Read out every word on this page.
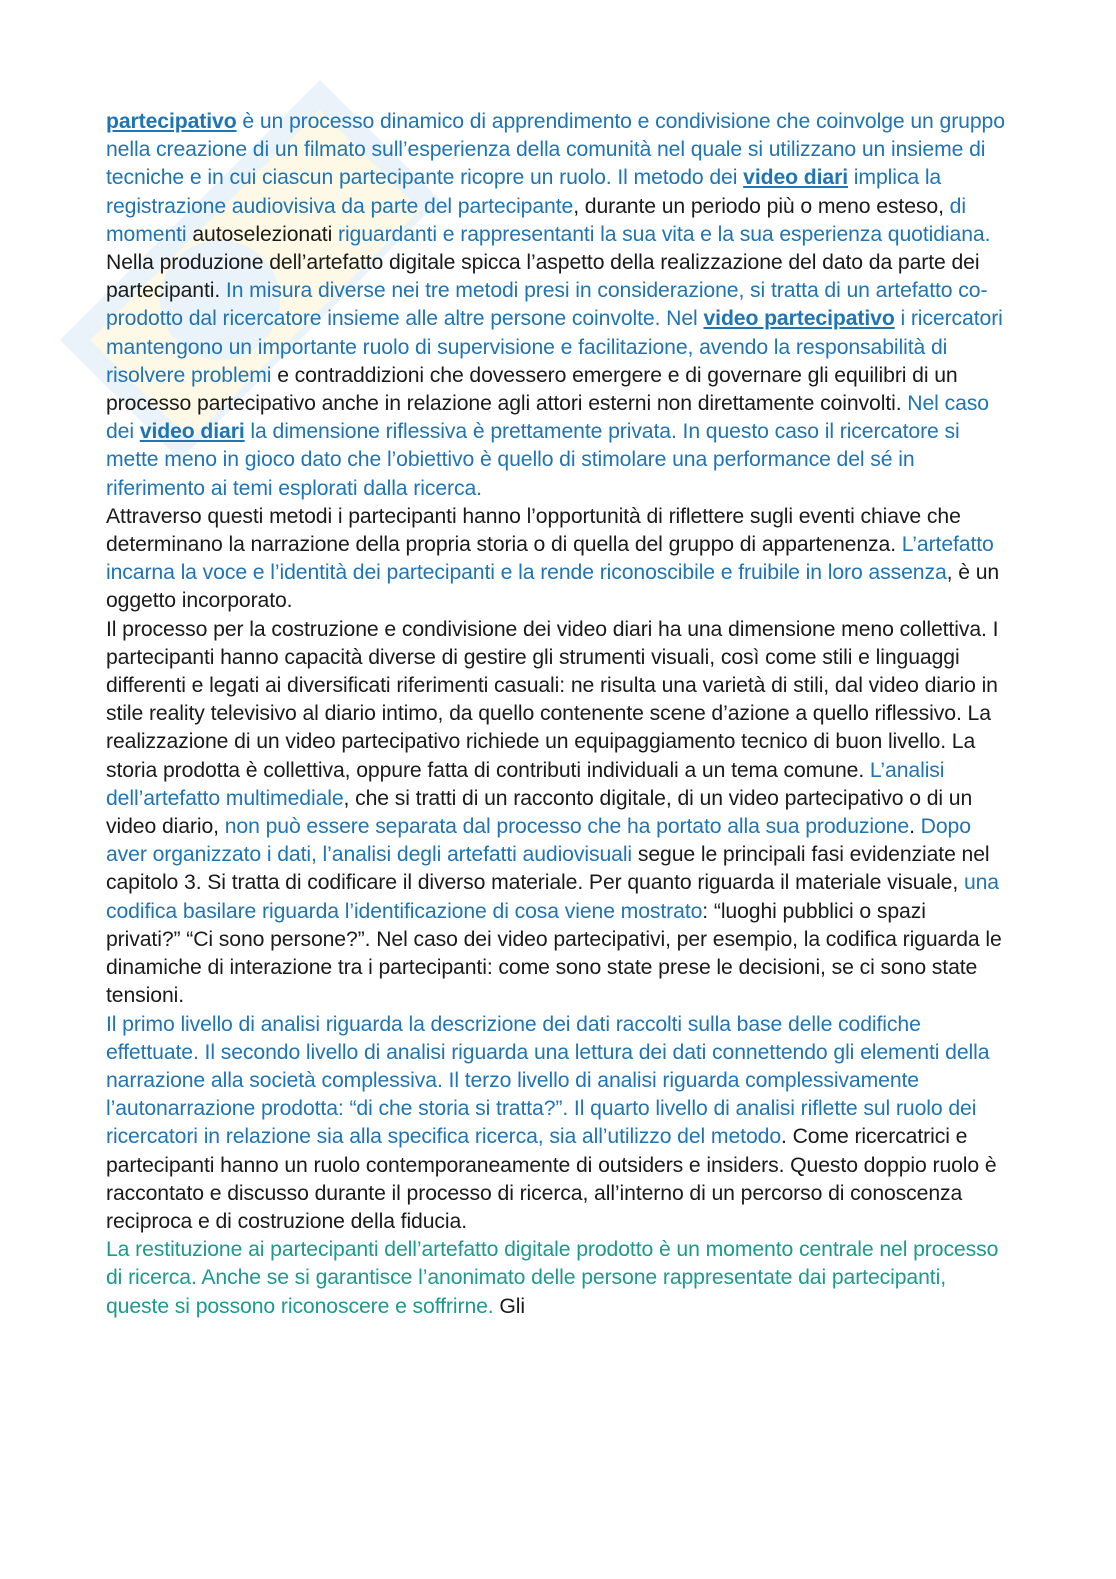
partecipativo è un processo dinamico di apprendimento e condivisione che coinvolge un gruppo nella creazione di un filmato sull’esperienza della comunità nel quale si utilizzano un insieme di tecniche e in cui ciascun partecipante ricopre un ruolo. Il metodo dei video diari implica la registrazione audiovisiva da parte del partecipante, durante un periodo più o meno esteso, di momenti autoselezionati riguardanti e rappresentanti la sua vita e la sua esperienza quotidiana.

Nella produzione dell’artefatto digitale spicca l’aspetto della realizzazione del dato da parte dei partecipanti. In misura diverse nei tre metodi presi in considerazione, si tratta di un artefatto co-prodotto dal ricercatore insieme alle altre persone coinvolte. Nel video partecipativo i ricercatori mantengono un importante ruolo di supervisione e facilitazione, avendo la responsabilità di risolvere problemi e contraddizioni che dovessero emergere e di governare gli equilibri di un processo partecipativo anche in relazione agli attori esterni non direttamente coinvolti. Nel caso dei video diari la dimensione riflessiva è prettamente privata. In questo caso il ricercatore si mette meno in gioco dato che l’obiettivo è quello di stimolare una performance del sé in riferimento ai temi esplorati dalla ricerca.

Attraverso questi metodi i partecipanti hanno l’opportunità di riflettere sugli eventi chiave che determinano la narrazione della propria storia o di quella del gruppo di appartenenza. L’artefatto incarna la voce e l’identità dei partecipanti e la rende riconoscibile e fruibile in loro assenza, è un oggetto incorporato.

Il processo per la costruzione e condivisione dei video diari ha una dimensione meno collettiva. I partecipanti hanno capacità diverse di gestire gli strumenti visuali, così come stili e linguaggi differenti e legati ai diversificati riferimenti casuali: ne risulta una varietà di stili, dal video diario in stile reality televisivo al diario intimo, da quello contenente scene d’azione a quello riflessivo. La realizzazione di un video partecipativo richiede un equipaggiamento tecnico di buon livello. La storia prodotta è collettiva, oppure fatta di contributi individuali a un tema comune. L’analisi dell’artefatto multimediale, che si tratti di un racconto digitale, di un video partecipativo o di un video diario, non può essere separata dal processo che ha portato alla sua produzione. Dopo aver organizzato i dati, l’analisi degli artefatti audiovisuali segue le principali fasi evidenziate nel capitolo 3. Si tratta di codificare il diverso materiale. Per quanto riguarda il materiale visuale, una codifica basilare riguarda l’identificazione di cosa viene mostrato: “luoghi pubblici o spazi privati?” “Ci sono persone?”. Nel caso dei video partecipativi, per esempio, la codifica riguarda le dinamiche di interazione tra i partecipanti: come sono state prese le decisioni, se ci sono state tensioni.

Il primo livello di analisi riguarda la descrizione dei dati raccolti sulla base delle codifiche effettuate. Il secondo livello di analisi riguarda una lettura dei dati connettendo gli elementi della narrazione alla società complessiva. Il terzo livello di analisi riguarda complessivamente l’autonarrazione prodotta: “di che storia si tratta?”. Il quarto livello di analisi riflette sul ruolo dei ricercatori in relazione sia alla specifica ricerca, sia all’utilizzo del metodo. Come ricercatrici e partecipanti hanno un ruolo contemporaneamente di outsiders e insiders. Questo doppio ruolo è raccontato e discusso durante il processo di ricerca, all’interno di un percorso di conoscenza reciproca e di costruzione della fiducia.

La restituzione ai partecipanti dell’artefatto digitale prodotto è un momento centrale nel processo di ricerca. Anche se si garantisce l’anonimato delle persone rappresentate dai partecipanti, queste si possono riconoscere e soffrirne. Gli
